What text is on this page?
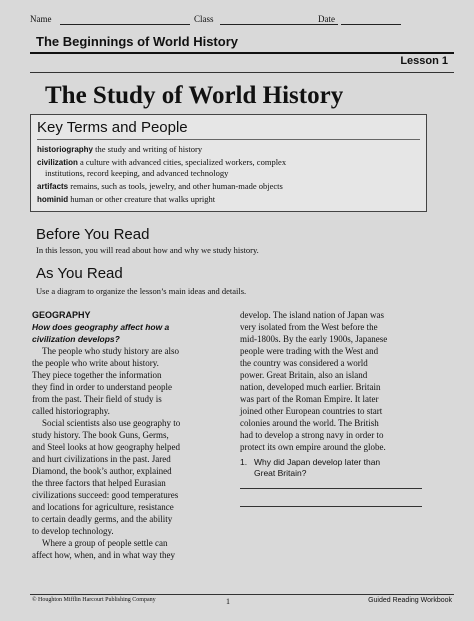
Name	Class	Date
The Beginnings of World History
Lesson 1
The Study of World History
Key Terms and People
historiography the study and writing of history
civilization a culture with advanced cities, specialized workers, complex
institutions, record keeping, and advanced technology
artifacts remains, such as tools, jewelry, and other human-made objects
hominid human or other creature that walks upright
Before You Read
In this lesson, you will read about how and why we study history.
As You Read
Use a diagram to organize the lesson’s main ideas and details.
GEOGRAPHY
How does geography affect how a
civilization develops?
The people who study history are also
the people who write about history.
They piece together the information
they find in order to understand people
from the past. Their field of study is
called historiography.
Social scientists also use geography to
study history. The book Guns, Germs,
and Steel looks at how geography helped
and hurt civilizations in the past. Jared
Diamond, the book’s author, explained
the three factors that helped Eurasian
civilizations succeed: good temperatures
and locations for agriculture, resistance
to certain deadly germs, and the ability
to develop technology.
Where a group of people settle can
affect how, when, and in what way they
develop. The island nation of Japan was
very isolated from the West before the
mid-1800s. By the early 1900s, Japanese
people were trading with the West and
the country was considered a world
power. Great Britain, also an island
nation, developed much earlier. Britain
was part of the Roman Empire. It later
joined other European countries to start
colonies around the world. The British
had to develop a strong navy in order to
protect its own empire around the globe.
1. Why did Japan develop later than
Great Britain?
© Houghton Mifflin Harcourt Publishing Company	1	Guided Reading Workbook
